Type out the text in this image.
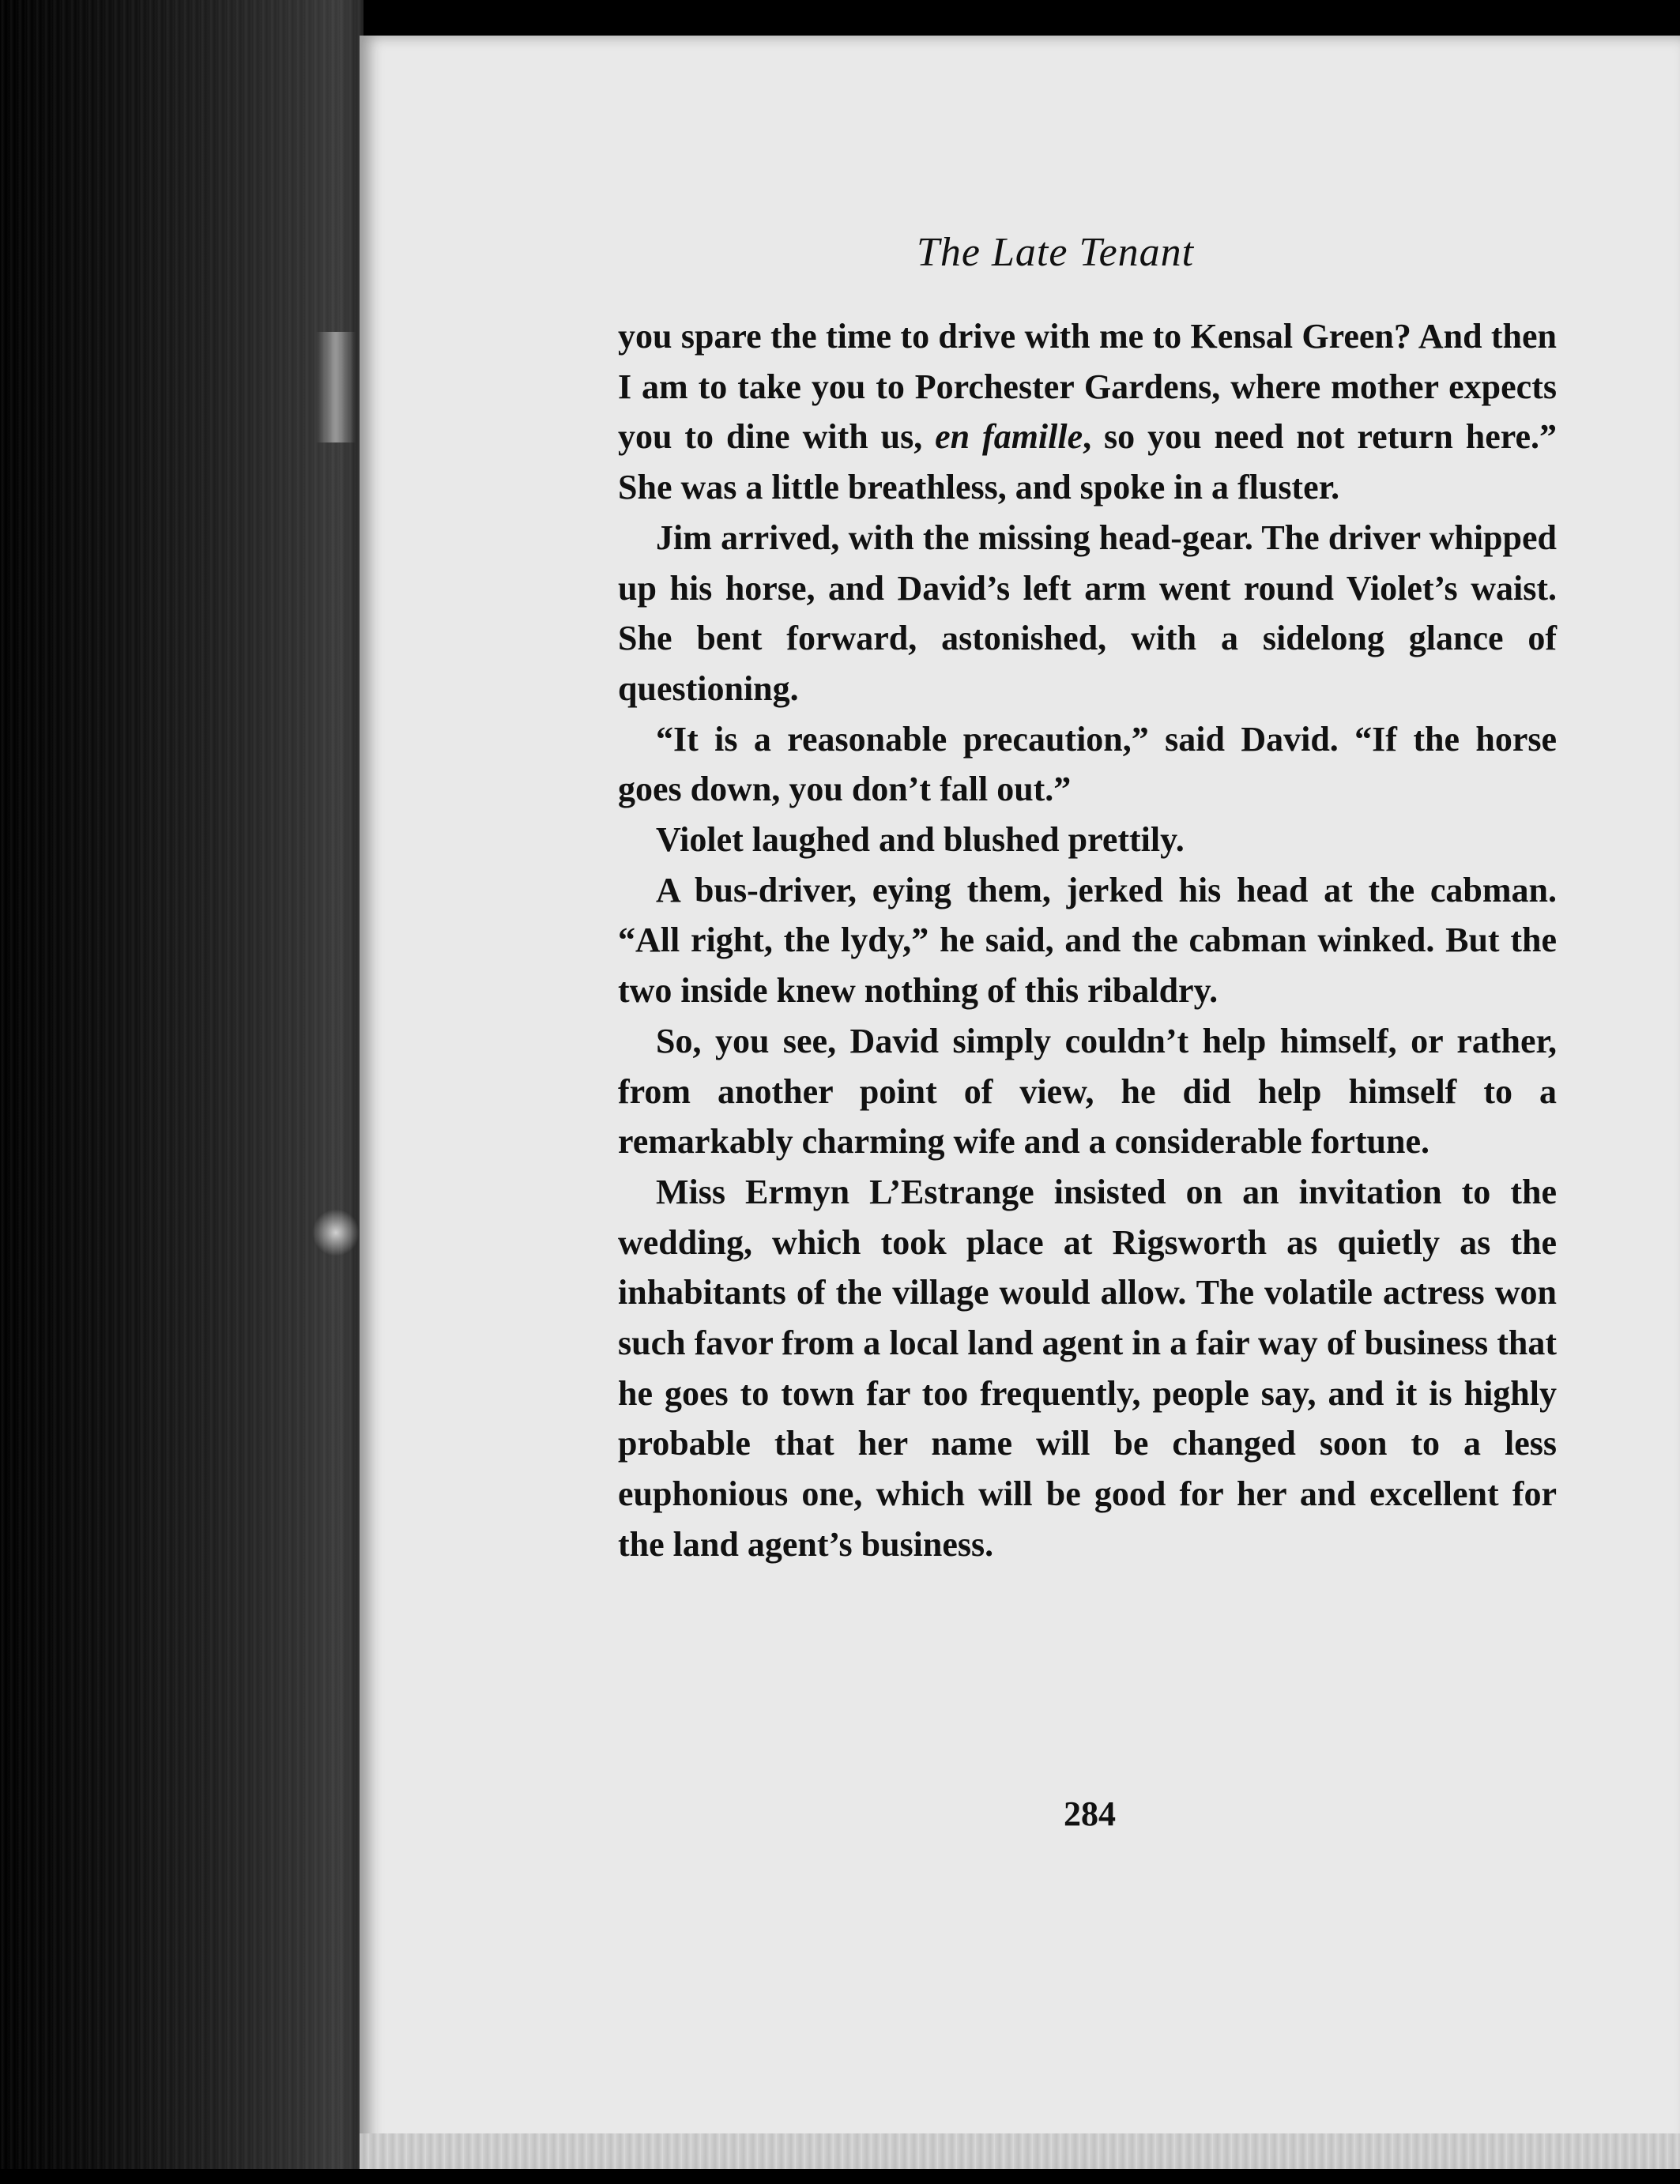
The Late Tenant

you spare the time to drive with me to Kensal Green? And then I am to take you to Porchester Gardens, where mother expects you to dine with us, en famille, so you need not return here.” She was a little breathless, and spoke in a fluster.

Jim arrived, with the missing head-gear. The driver whipped up his horse, and David’s left arm went round Violet’s waist. She bent forward, astonished, with a sidelong glance of questioning.

“It is a reasonable precaution,” said David. “If the horse goes down, you don’t fall out.”

Violet laughed and blushed prettily.

A bus-driver, eying them, jerked his head at the cabman. “All right, the lydy,” he said, and the cabman winked. But the two inside knew nothing of this ribaldry.

So, you see, David simply couldn’t help himself, or rather, from another point of view, he did help himself to a remarkably charming wife and a considerable fortune.

Miss Ermyn L’Estrange insisted on an invitation to the wedding, which took place at Rigsworth as quietly as the inhabitants of the village would allow. The volatile actress won such favor from a local land agent in a fair way of business that he goes to town far too frequently, people say, and it is highly probable that her name will be changed soon to a less euphonious one, which will be good for her and excellent for the land agent’s business.

284
